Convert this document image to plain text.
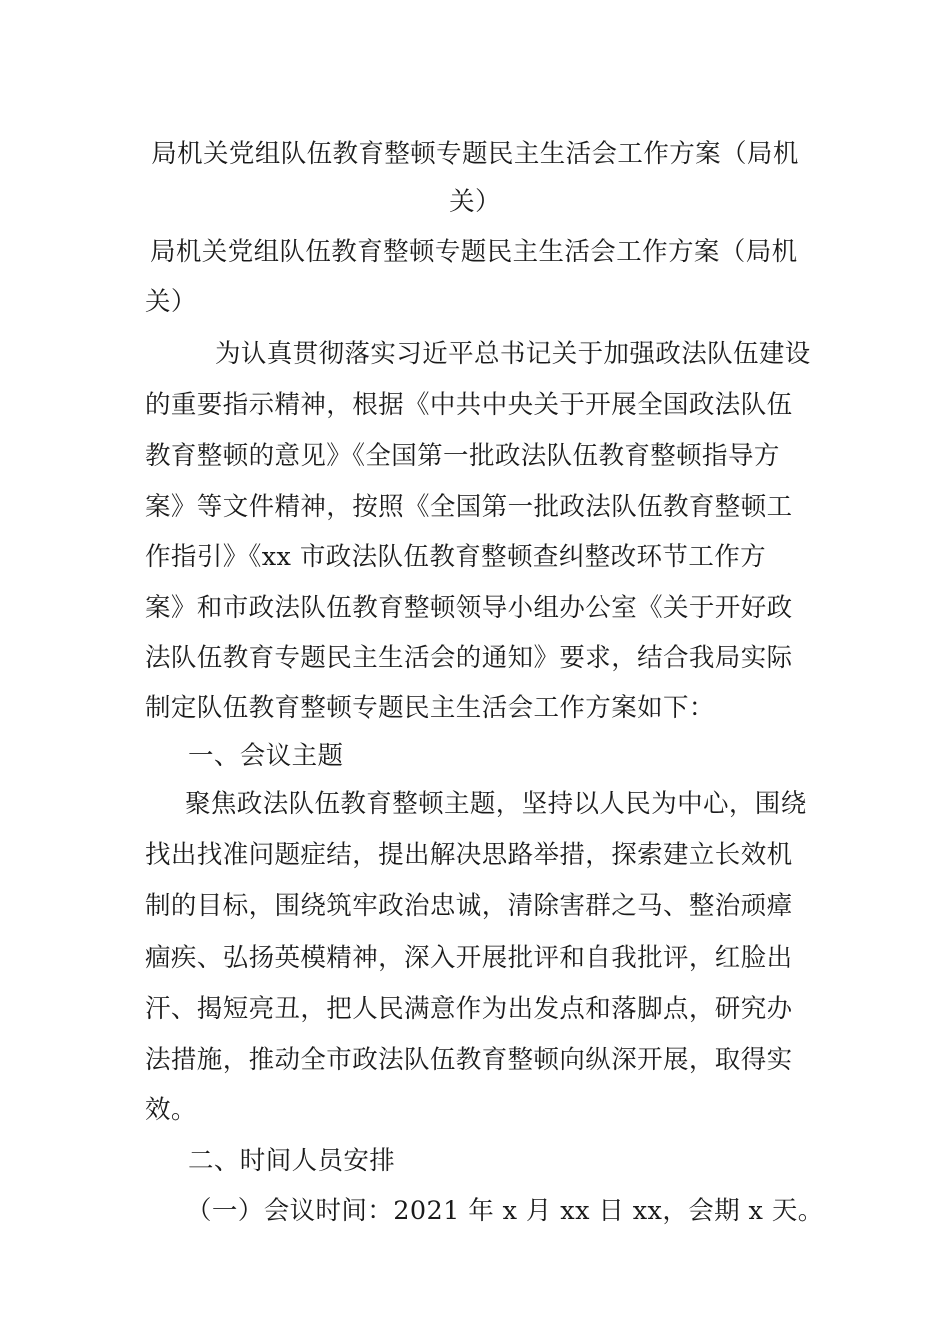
局机关党组队伍教育整顿专题民主生活会工作方案（局机
关）
局机关党组队伍教育整顿专题民主生活会工作方案（局机
关）
为认真贯彻落实习近平总书记关于加强政法队伍建设
的重要指示精神，根据《中共中央关于开展全国政法队伍
教育整顿的意见》《全国第一批政法队伍教育整顿指导方
案》等文件精神，按照《全国第一批政法队伍教育整顿工
作指引》《xx 市政法队伍教育整顿查纠整改环节工作方
案》和市政法队伍教育整顿领导小组办公室《关于开好政
法队伍教育专题民主生活会的通知》要求，结合我局实际
制定队伍教育整顿专题民主生活会工作方案如下：
一、会议主题
聚焦政法队伍教育整顿主题，坚持以人民为中心，围绕
找出找准问题症结，提出解决思路举措，探索建立长效机
制的目标，围绕筑牢政治忠诚，清除害群之马、整治顽瘴
痼疾、弘扬英模精神，深入开展批评和自我批评，红脸出
汗、揭短亮丑，把人民满意作为出发点和落脚点，研究办
法措施，推动全市政法队伍教育整顿向纵深开展，取得实
效。
二、时间人员安排
（一）会议时间：2021 年 x 月 xx 日 xx，会期 x 天。
